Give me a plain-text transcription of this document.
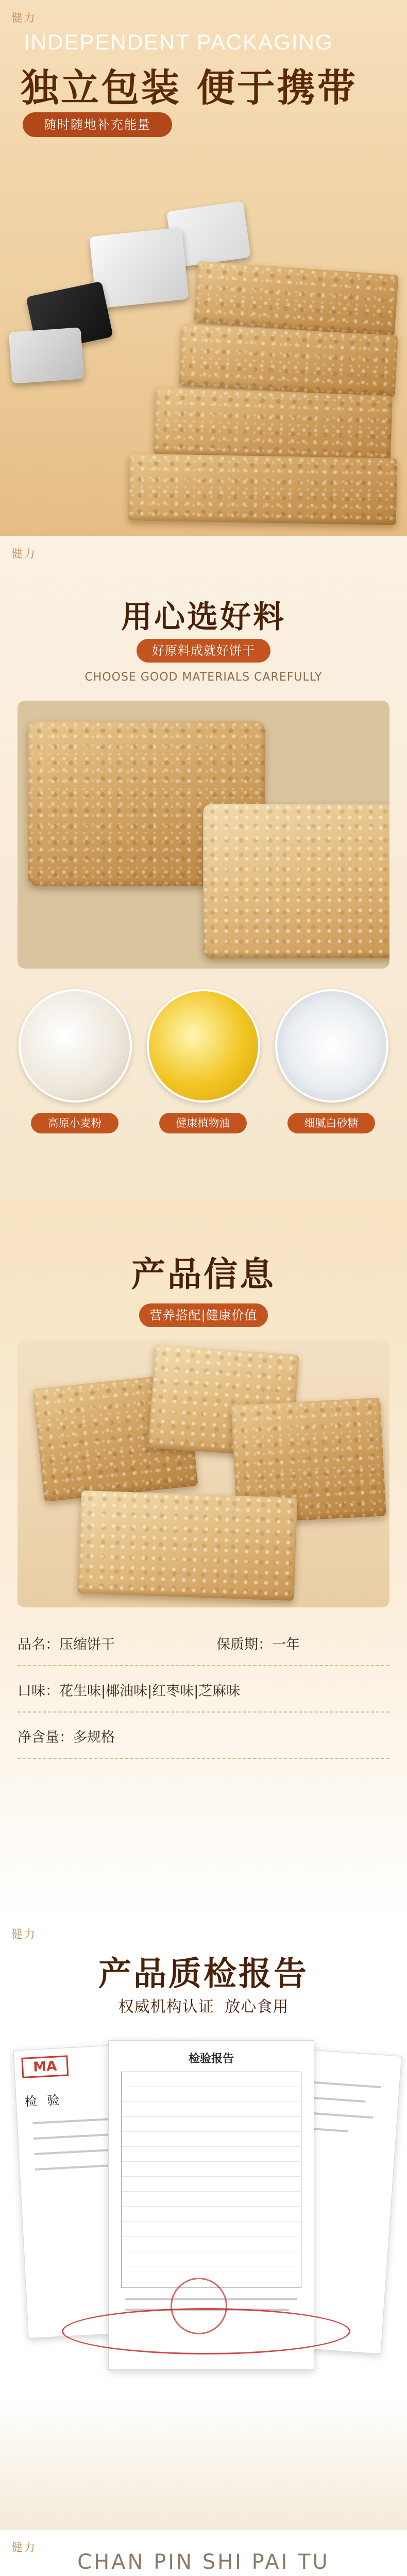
健力
INDEPENDENT PACKAGING
独立包装 便于携带
随时随地补充能量
健力
用心选好料
好原料成就好饼干
CHOOSE GOOD MATERIALS CAREFULLY
高原小麦粉	健康植物油	细腻白砂糖
产品信息
营养搭配|健康价值
品名：压缩饼干	保质期：一年
口味：花生味|椰油味|红枣味|芝麻味
净含量：多规格
健力
产品质检报告
权威机构认证 放心食用
MA
检 验
检验报告
健力
CHAN PIN SHI PAI TU
